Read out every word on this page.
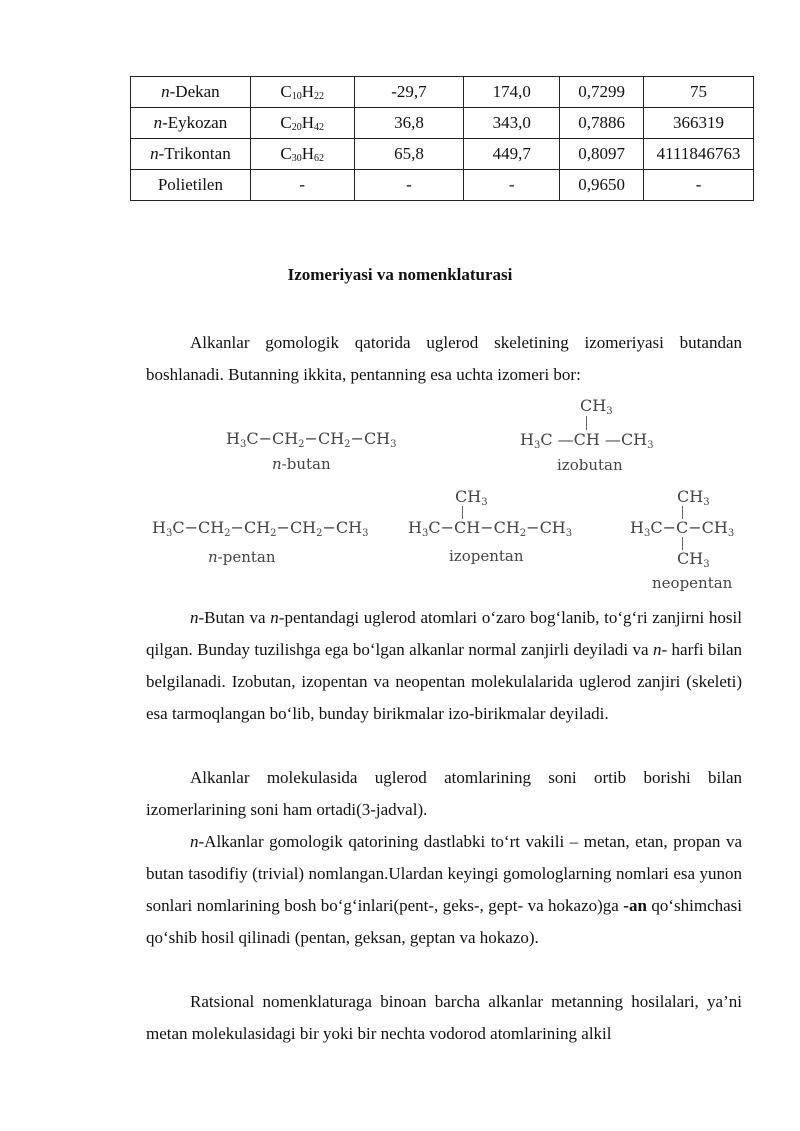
n-Dekan	$C_{10}H_{22}$	-29,7	174,0	0,7299	75
n-Eykozan	$C_{20}H_{42}$	36,8	343,0	0,7886	366319
n-Trikontan	$C_{30}H_{62}$	65,8	449,7	0,8097	4111846763
Polietilen	-	-	-	0,9650	-
Izomeriyasi va nomenklaturasi
Alkanlar gomologik qatorida uglerod skeletining izomeriyasi butandan boshlanadi. Butanning ikkita, pentanning esa uchta izomeri bor:
$H_3C-CH_2-CH_2-CH_3$
n-butan
$CH_3$
$H_3C$ —CH $—CH_3$
izobutan
$H_3C-CH_2-CH_2-CH_2-CH_3$
n-pentan
$CH_3$
$H_3C-CH-CH_2-CH_3$
izopentan
$CH_3$
$H_3C-C-CH_3$
$CH_3$
neopentan
n-Butan va n-pentandagi uglerod atomlari o‘zaro bog‘lanib, to‘g‘ri zanjirni hosil qilgan. Bunday tuzilishga ega bo‘lgan alkanlar normal zanjirli deyiladi va n- harfi bilan belgilanadi. Izobutan, izopentan va neopentan molekulalarida uglerod zanjiri (skeleti) esa tarmoqlangan bo‘lib, bunday birikmalar izo-birikmalar deyiladi.
Alkanlar molekulasida uglerod atomlarining soni ortib borishi bilan izomerlarining soni ham ortadi(3-jadval).
n-Alkanlar gomologik qatorining dastlabki to‘rt vakili – metan, etan, propan va butan tasodifiy (trivial) nomlangan.Ulardan keyingi gomologlarning nomlari esa yunon sonlari nomlarining bosh bo‘g‘inlari(pent-, geks-, gept- va hokazo)ga -an qo‘shimchasi qo‘shib hosil qilinadi (pentan, geksan, geptan va hokazo).
Ratsional nomenklaturaga binoan barcha alkanlar metanning hosilalari, ya’ni metan molekulasidagi bir yoki bir nechta vodorod atomlarining alkil
